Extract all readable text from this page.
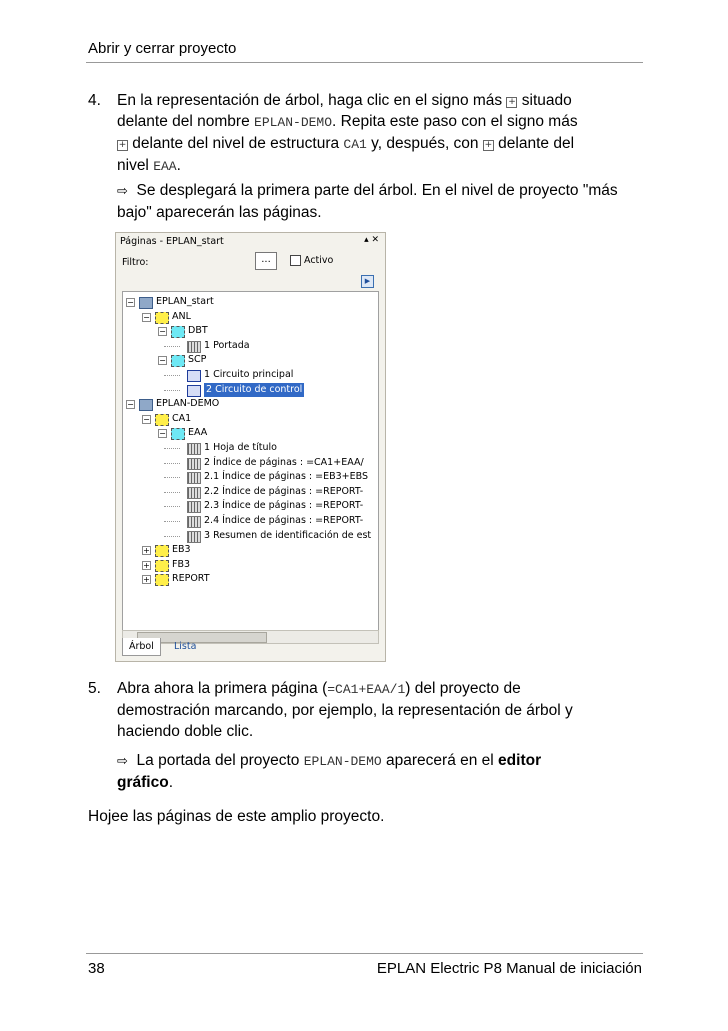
Abrir y cerrar proyecto
4. En la representación de árbol, haga clic en el signo más + situado
delante del nombre EPLAN-DEMO. Repita este paso con el signo más
+ delante del nivel de estructura CA1 y, después, con + delante del
nivel EAA.
⇨ Se desplegará la primera parte del árbol. En el nivel de proyecto "más bajo" aparecerán las páginas.
Páginas - EPLAN_start	▴ ✕
Filtro:	...	Activo
▶
− EPLAN_start
− ANL
− DBT
1 Portada
− SCP
1 Circuito principal
2 Circuito de control
− EPLAN-DEMO
− CA1
− EAA
1 Hoja de título
2 Índice de páginas : =CA1+EAA/
2.1 Índice de páginas : =EB3+EBS
2.2 Índice de páginas : =REPORT-
2.3 Índice de páginas : =REPORT-
2.4 Índice de páginas : =REPORT-
3 Resumen de identificación de est
+ EB3
+ FB3
+ REPORT
Árbol	Lista
5. Abra ahora la primera página (=CA1+EAA/1) del proyecto de
demostración marcando, por ejemplo, la representación de árbol y
haciendo doble clic.
⇨ La portada del proyecto EPLAN-DEMO aparecerá en el editor
gráfico.
Hojee las páginas de este amplio proyecto.
38	EPLAN Electric P8 Manual de iniciación
